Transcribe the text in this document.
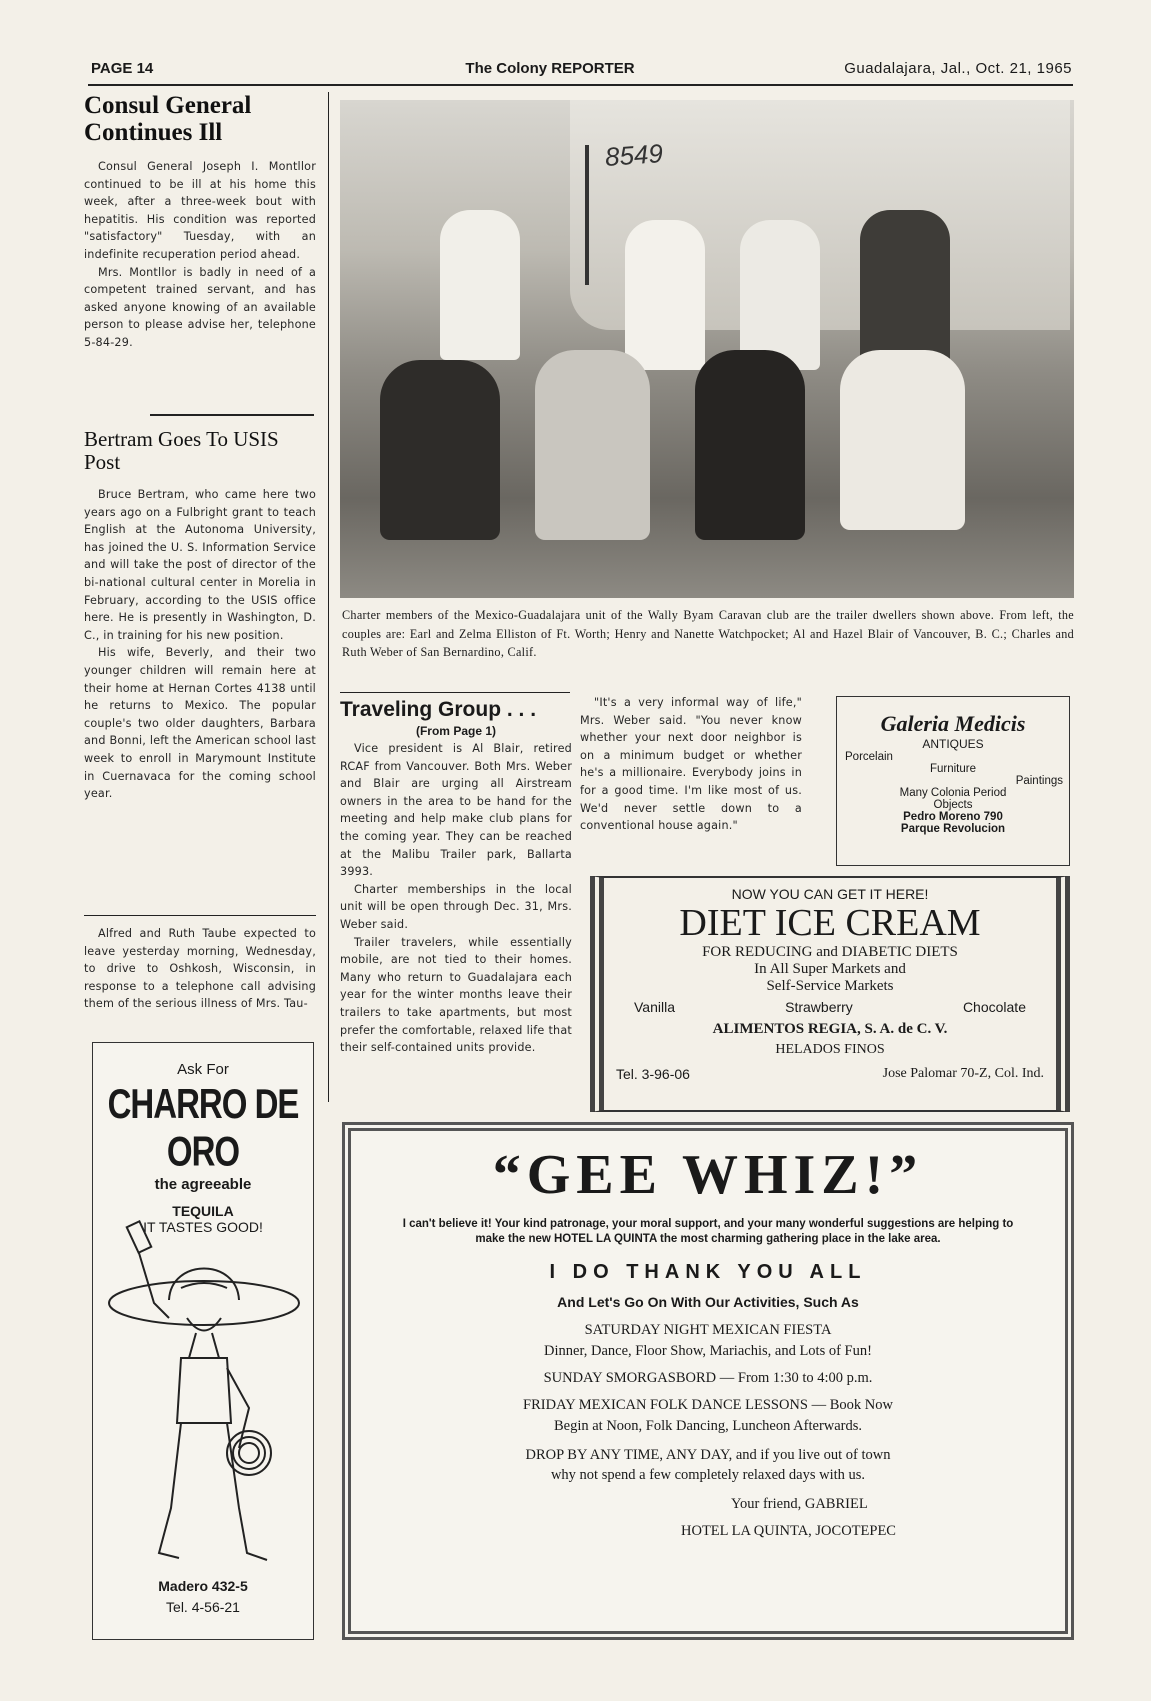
PAGE 14	The Colony REPORTER	Guadalajara, Jal., Oct. 21, 1965
Consul General Continues Ill

Consul General Joseph I. Montllor continued to be ill at his home this week, after a three-week bout with hepatitis. His condition was reported "satisfactory" Tuesday, with an indefinite recuperation period ahead.

Mrs. Montllor is badly in need of a competent trained servant, and has asked anyone knowing of an available person to please advise her, telephone 5-84-29.

Bertram Goes To USIS Post

Bruce Bertram, who came here two years ago on a Fulbright grant to teach English at the Autonoma University, has joined the U. S. Information Service and will take the post of director of the bi-national cultural center in Morelia in February, according to the USIS office here. He is presently in Washington, D. C., in training for his new position.

His wife, Beverly, and their two younger children will remain here at their home at Hernan Cortes 4138 until he returns to Mexico. The popular couple's two older daughters, Barbara and Bonni, left the American school last week to enroll in Marymount Institute in Cuernavaca for the coming school year.

Alfred and Ruth Taube expected to leave yesterday morning, Wednesday, to drive to Oshkosh, Wisconsin, in response to a telephone call advising them of the serious illness of Mrs. Tau-

Ask For
CHARRO DE ORO
the agreeable
TEQUILA
IT TASTES GOOD!
Madero 432-5
Tel. 4-56-21
8549
Charter members of the Mexico-Guadalajara unit of the Wally Byam Caravan club are the trailer dwellers shown above. From left, the couples are: Earl and Zelma Elliston of Ft. Worth; Henry and Nanette Watchpocket; Al and Hazel Blair of Vancouver, B. C.; Charles and Ruth Weber of San Bernardino, Calif.
Traveling Group . . .
(From Page 1)

Vice president is Al Blair, retired RCAF from Vancouver. Both Mrs. Weber and Blair are urging all Airstream owners in the area to be hand for the meeting and help make club plans for the coming year. They can be reached at the Malibu Trailer park, Ballarta 3993.

Charter memberships in the local unit will be open through Dec. 31, Mrs. Weber said.

Trailer travelers, while essentially mobile, are not tied to their homes. Many who return to Guadalajara each year for the winter months leave their trailers to take apartments, but most prefer the comfortable, relaxed life that their self-contained units provide.

"It's a very informal way of life," Mrs. Weber said. "You never know whether your next door neighbor is on a minimum budget or whether he's a millionaire. Everybody joins in for a good time. I'm like most of us. We'd never settle down to a conventional house again."

Galeria Medicis
ANTIQUES
Porcelain
Furniture
Paintings
Many Colonia Period
Objects
Pedro Moreno 790
Parque Revolucion
NOW YOU CAN GET IT HERE!
DIET ICE CREAM
FOR REDUCING and DIABETIC DIETS
In All Super Markets and
Self-Service Markets
Vanilla	Strawberry	Chocolate
ALIMENTOS REGIA, S. A. de C. V.
HELADOS FINOS
Tel. 3-96-06	Jose Palomar 70-Z, Col. Ind.
“GEE WHIZ!”
I can't believe it! Your kind patronage, your moral support, and your many wonderful suggestions are helping to make the new HOTEL LA QUINTA the most charming gathering place in the lake area.
I DO THANK YOU ALL
And Let's Go On With Our Activities, Such As
SATURDAY NIGHT MEXICAN FIESTA
Dinner, Dance, Floor Show, Mariachis, and Lots of Fun!
SUNDAY SMORGASBORD — From 1:30 to 4:00 p.m.
FRIDAY MEXICAN FOLK DANCE LESSONS — Book Now
Begin at Noon, Folk Dancing, Luncheon Afterwards.
DROP BY ANY TIME, ANY DAY, and if you live out of town
why not spend a few completely relaxed days with us.
Your friend, GABRIEL
HOTEL LA QUINTA, JOCOTEPEC
